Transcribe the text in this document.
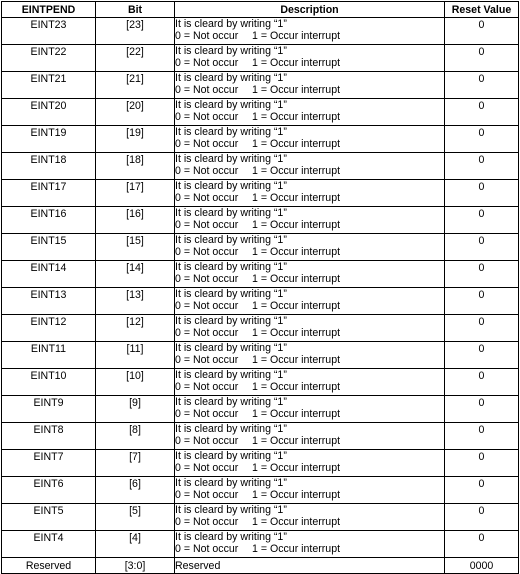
EINTPEND	Bit	Description	Reset Value
EINT23	[23]	It is cleard by writing “1”
0 = Not occur 1 = Occur interrupt	0
EINT22	[22]	It is cleard by writing “1”
0 = Not occur 1 = Occur interrupt	0
EINT21	[21]	It is cleard by writing “1”
0 = Not occur 1 = Occur interrupt	0
EINT20	[20]	It is cleard by writing “1”
0 = Not occur 1 = Occur interrupt	0
EINT19	[19]	It is cleard by writing “1”
0 = Not occur 1 = Occur interrupt	0
EINT18	[18]	It is cleard by writing “1”
0 = Not occur 1 = Occur interrupt	0
EINT17	[17]	It is cleard by writing “1”
0 = Not occur 1 = Occur interrupt	0
EINT16	[16]	It is cleard by writing “1”
0 = Not occur 1 = Occur interrupt	0
EINT15	[15]	It is cleard by writing “1”
0 = Not occur 1 = Occur interrupt	0
EINT14	[14]	It is cleard by writing “1”
0 = Not occur 1 = Occur interrupt	0
EINT13	[13]	It is cleard by writing “1”
0 = Not occur 1 = Occur interrupt	0
EINT12	[12]	It is cleard by writing “1”
0 = Not occur 1 = Occur interrupt	0
EINT11	[11]	It is cleard by writing “1”
0 = Not occur 1 = Occur interrupt	0
EINT10	[10]	It is cleard by writing “1”
0 = Not occur 1 = Occur interrupt	0
EINT9	[9]	It is cleard by writing “1”
0 = Not occur 1 = Occur interrupt	0
EINT8	[8]	It is cleard by writing “1”
0 = Not occur 1 = Occur interrupt	0
EINT7	[7]	It is cleard by writing “1”
0 = Not occur 1 = Occur interrupt	0
EINT6	[6]	It is cleard by writing “1”
0 = Not occur 1 = Occur interrupt	0
EINT5	[5]	It is cleard by writing “1”
0 = Not occur 1 = Occur interrupt	0
EINT4	[4]	It is cleard by writing “1”
0 = Not occur 1 = Occur interrupt	0
Reserved	[3:0]	Reserved	0000
